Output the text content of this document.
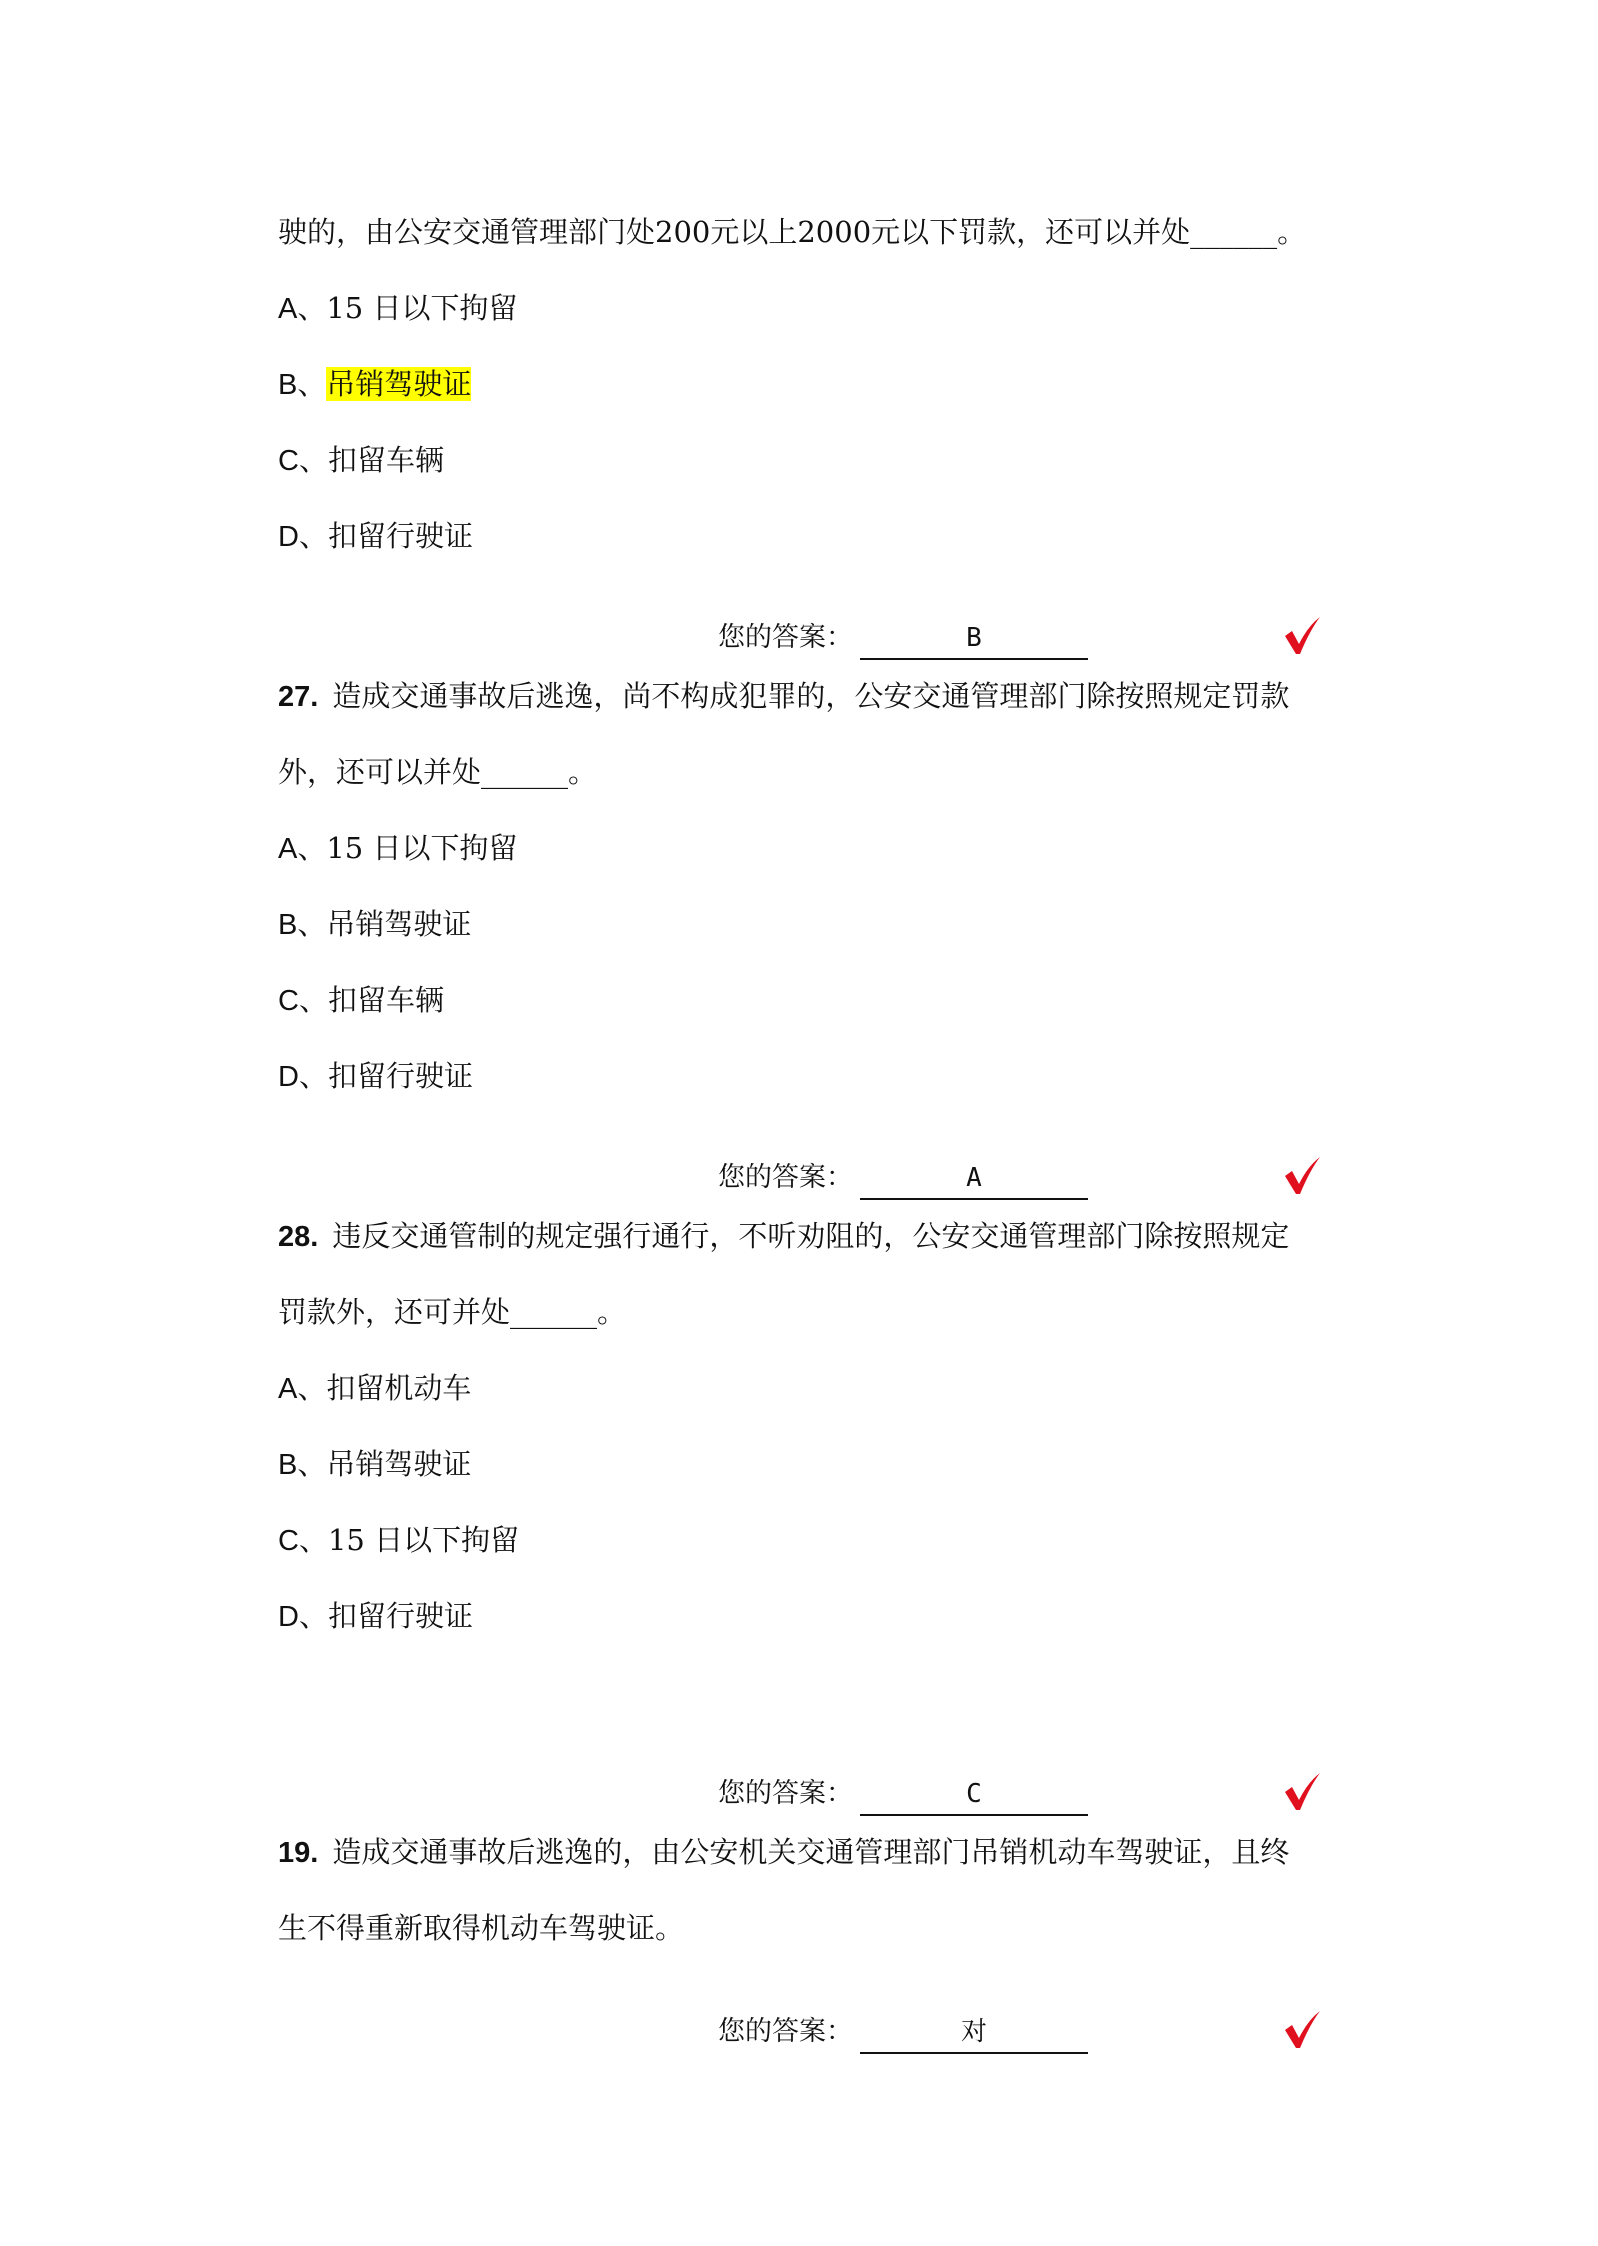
驶的，由公安交通管理部门处200元以上2000元以下罚款，还可以并处______。
A、15 日以下拘留
B、吊销驾驶证
C、扣留车辆
D、扣留行驶证
您的答案：	B
27. 造成交通事故后逃逸，尚不构成犯罪的，公安交通管理部门除按照规定罚款
外，还可以并处______。
A、15 日以下拘留
B、吊销驾驶证
C、扣留车辆
D、扣留行驶证
您的答案：	A
28. 违反交通管制的规定强行通行，不听劝阻的，公安交通管理部门除按照规定
罚款外，还可并处______。
A、扣留机动车
B、吊销驾驶证
C、15 日以下拘留
D、扣留行驶证
您的答案：	C
19. 造成交通事故后逃逸的，由公安机关交通管理部门吊销机动车驾驶证，且终
生不得重新取得机动车驾驶证。
您的答案：	对
